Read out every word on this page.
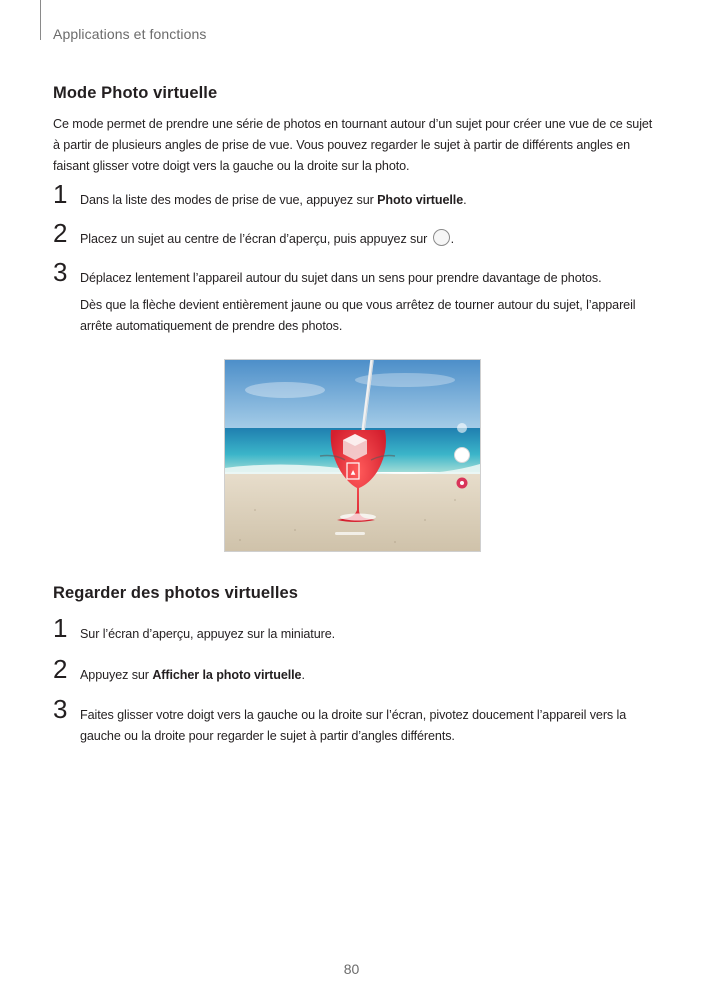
Applications et fonctions
Mode Photo virtuelle

Ce mode permet de prendre une série de photos en tournant autour d’un sujet pour créer une vue de ce sujet à partir de plusieurs angles de prise de vue. Vous pouvez regarder le sujet à partir de différents angles en faisant glisser votre doigt vers la gauche ou la droite sur la photo.

1 Dans la liste des modes de prise de vue, appuyez sur Photo virtuelle.

2 Placez un sujet au centre de l’écran d’aperçu, puis appuyez sur .

3 Déplacez lentement l’appareil autour du sujet dans un sens pour prendre davantage de photos.

Dès que la flèche devient entièrement jaune ou que vous arrêtez de tourner autour du sujet, l’appareil arrête automatiquement de prendre des photos.

▲
Regarder des photos virtuelles
1 Sur l’écran d’aperçu, appuyez sur la miniature.

2 Appuyez sur Afficher la photo virtuelle.

3 Faites glisser votre doigt vers la gauche ou la droite sur l’écran, pivotez doucement l’appareil vers la gauche ou la droite pour regarder le sujet à partir d’angles différents.

80
